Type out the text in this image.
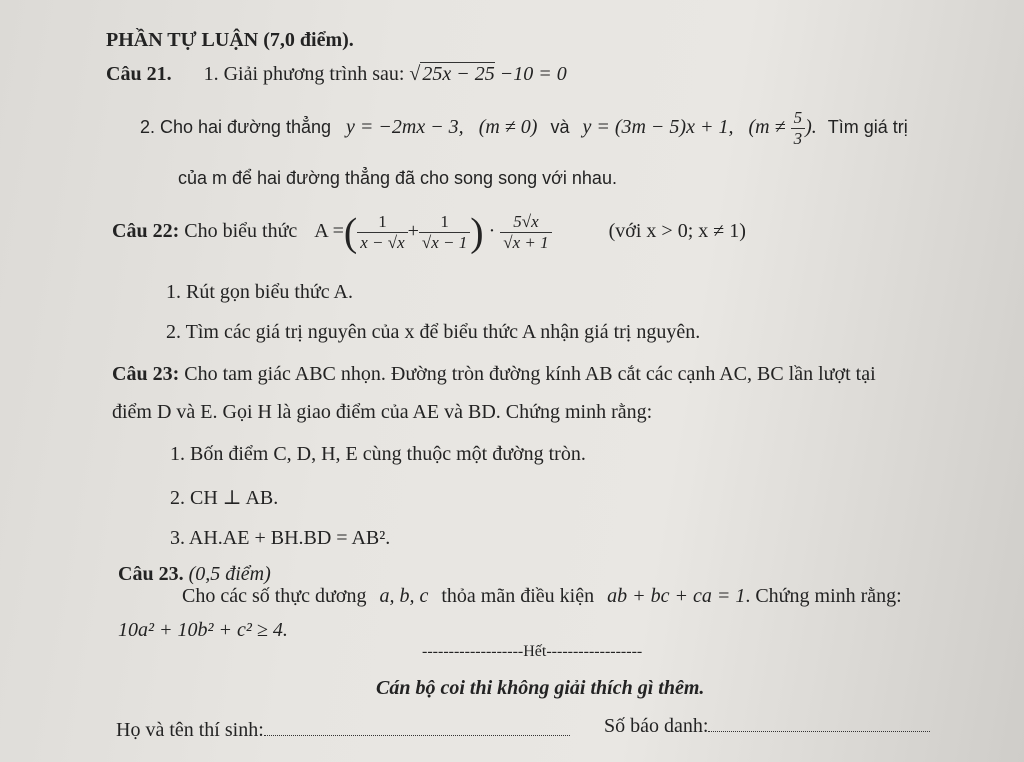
PHẦN TỰ LUẬN (7,0 điểm).
Câu 21. 1. Giải phương trình sau: √ 25x − 25 −10 = 0
2. Cho hai đường thẳng y = −2mx − 3, (m ≠ 0) và y = (3m − 5)x + 1, ($m \ne \frac{5}{3}$ ). Tìm giá trị
của m để hai đường thẳng đã cho song song với nhau.
Câu 22: Cho biểu thức A =( $\frac{1}{x - √x} + \frac{1}{√x - 1}$ ) · $\frac{5√x}{√x + 1}$	(với x > 0; x ≠ 1)
1. Rút gọn biểu thức A.
2. Tìm các giá trị nguyên của x để biểu thức A nhận giá trị nguyên.
Câu 23: Cho tam giác ABC nhọn. Đường tròn đường kính AB cắt các cạnh AC, BC lần lượt tại
điểm D và E. Gọi H là giao điểm của AE và BD. Chứng minh rằng:
1. Bốn điểm C, D, H, E cùng thuộc một đường tròn.
2. CH ⊥ AB.
3. AH.AE + BH.BD = AB².
Câu 23. (0,5 điểm)
Cho các số thực dương a, b, c thỏa mãn điều kiện ab + bc + ca = 1. Chứng minh rằng:
10a² + 10b² + c² ≥ 4.
-------------------Hết------------------
Cán bộ coi thi không giải thích gì thêm.
Họ và tên thí sinh:	Số báo danh:
